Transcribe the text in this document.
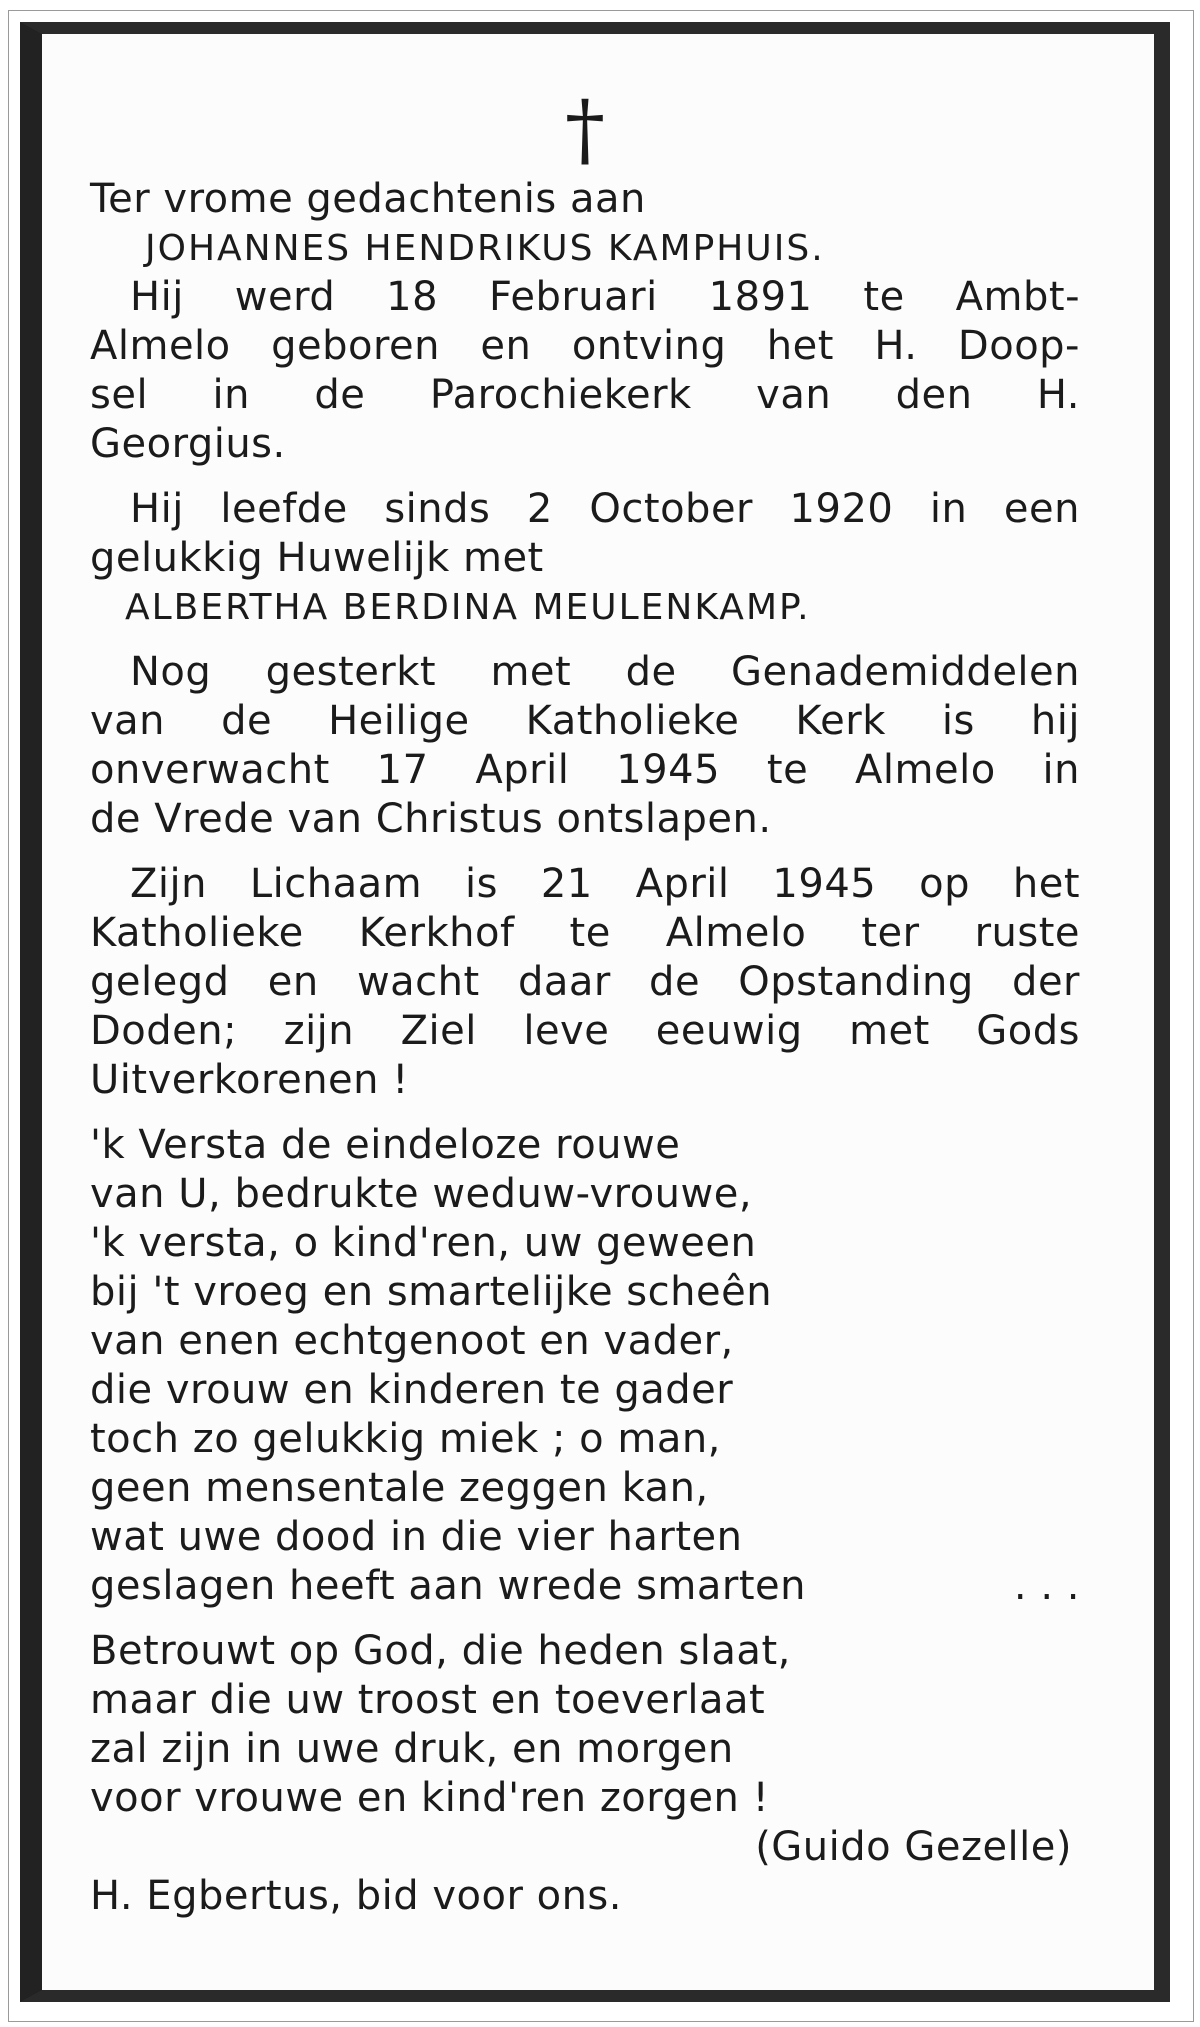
†
Ter vrome gedachtenis aan
JOHANNES HENDRIKUS KAMPHUIS.
Hij werd 18 Februari 1891 te Ambt-
Almelo geboren en ontving het H. Doop-
sel in de Parochiekerk van den H.
Georgius.
Hij leefde sinds 2 October 1920 in een
gelukkig Huwelijk met
ALBERTHA BERDINA MEULENKAMP.
Nog gesterkt met de Genademiddelen
van de Heilige Katholieke Kerk is hij
onverwacht 17 April 1945 te Almelo in
de Vrede van Christus ontslapen.
Zijn Lichaam is 21 April 1945 op het
Katholieke Kerkhof te Almelo ter ruste
gelegd en wacht daar de Opstanding der
Doden; zijn Ziel leve eeuwig met Gods
Uitverkorenen !
'k Versta de eindeloze rouwe
van U, bedrukte weduw-vrouwe,
'k versta, o kind'ren, uw geween
bij 't vroeg en smartelijke scheên
van enen echtgenoot en vader,
die vrouw en kinderen te gader
toch zo gelukkig miek ; o man,
geen mensentale zeggen kan,
wat uwe dood in die vier harten
geslagen heeft aan wrede smarten	. . .
Betrouwt op God, die heden slaat,
maar die uw troost en toeverlaat
zal zijn in uwe druk, en morgen
voor vrouwe en kind'ren zorgen !
(Guido Gezelle)
H. Egbertus, bid voor ons.
